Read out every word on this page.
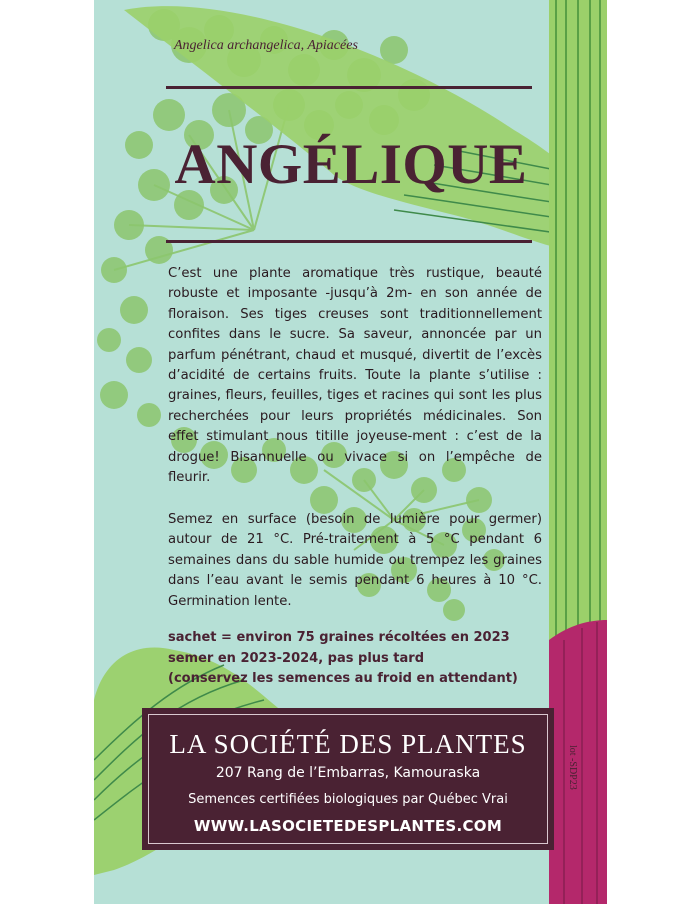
Angelica archangelica, Apiacées
ANGÉLIQUE
C’est une plante aromatique très rustique, beauté robuste et imposante -jusqu’à 2m- en son année de floraison. Ses tiges creuses sont traditionnellement confites dans le sucre. Sa saveur, annoncée par un parfum pénétrant, chaud et musqué, divertit de l’excès d’acidité de certains fruits. Toute la plante s’utilise : graines, fleurs, feuilles, tiges et racines qui sont les plus recherchées pour leurs propriétés médicinales. Son effet stimulant nous titille joyeuse-ment : c’est de la drogue! Bisannuelle ou vivace si on l’empêche de fleurir.
Semez en surface (besoin de lumière pour germer) autour de 21 °C. Pré-traitement à 5 °C pendant 6 semaines dans du sable humide ou trempez les graines dans l’eau avant le semis pendant 6 heures à 10 °C. Germination lente.
sachet = environ 75 graines récoltées en 2023
semer en 2023-2024, pas plus tard
(conservez les semences au froid en attendant)
LA SOCIÉTÉ DES PLANTES
207 Rang de l’Embarras, Kamouraska
Semences certifiées biologiques par Québec Vrai
WWW.LASOCIETEDESPLANTES.COM
lot -SDP23
